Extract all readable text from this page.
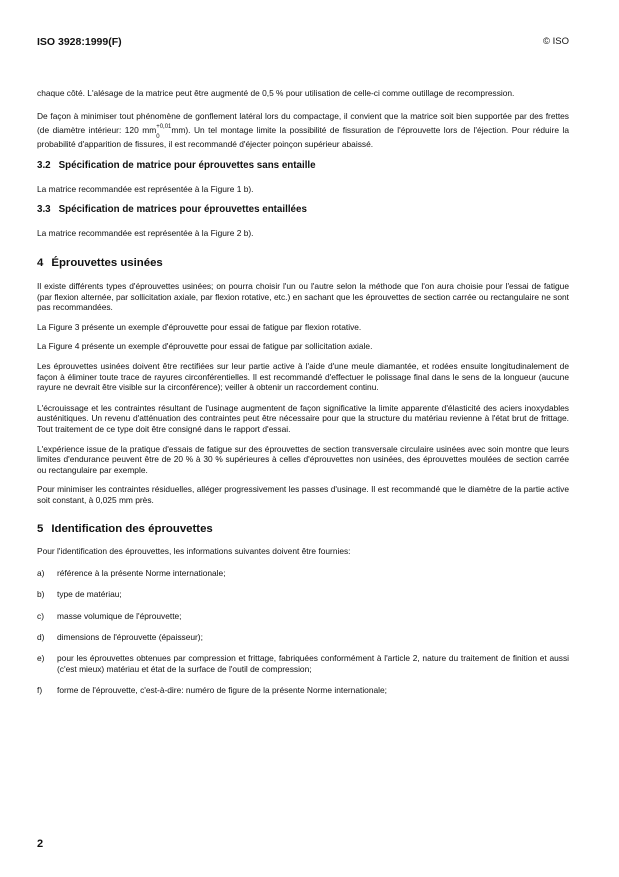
ISO 3928:1999(F)	© ISO

chaque côté. L'alésage de la matrice peut être augmenté de 0,5 % pour utilisation de celle-ci comme outillage de recompression.

De façon à minimiser tout phénomène de gonflement latéral lors du compactage, il convient que la matrice soit bien supportée par des frettes (de diamètre intérieur: 120 mm +0,01
0
mm). Un tel montage limite la possibilité de fissuration de l'éprouvette lors de l'éjection. Pour réduire la probabilité d'apparition de fissures, il est recommandé d'éjecter poinçon supérieur abaissé.

3.2 Spécification de matrice pour éprouvettes sans entaille

La matrice recommandée est représentée à la Figure 1 b).

3.3 Spécification de matrices pour éprouvettes entaillées

La matrice recommandée est représentée à la Figure 2 b).

4 Éprouvettes usinées

Il existe différents types d'éprouvettes usinées; on pourra choisir l'un ou l'autre selon la méthode que l'on aura choisie pour l'essai de fatigue (par flexion alternée, par sollicitation axiale, par flexion rotative, etc.) en sachant que les éprouvettes de section carrée ou rectangulaire ne sont pas recommandées.

La Figure 3 présente un exemple d'éprouvette pour essai de fatigue par flexion rotative.

La Figure 4 présente un exemple d'éprouvette pour essai de fatigue par sollicitation axiale.

Les éprouvettes usinées doivent être rectifiées sur leur partie active à l'aide d'une meule diamantée, et rodées ensuite longitudinalement de façon à éliminer toute trace de rayures circonférentielles. Il est recommandé d'effectuer le polissage final dans le sens de la longueur (aucune rayure ne devrait être visible sur la circonférence); veiller à obtenir un raccordement continu.

L'écrouissage et les contraintes résultant de l'usinage augmentent de façon significative la limite apparente d'élasticité des aciers inoxydables austénitiques. Un revenu d'atténuation des contraintes peut être nécessaire pour que la structure du matériau revienne à l'état brut de frittage. Tout traitement de ce type doit être consigné dans le rapport d'essai.

L'expérience issue de la pratique d'essais de fatigue sur des éprouvettes de section transversale circulaire usinées avec soin montre que leurs limites d'endurance peuvent être de 20 % à 30 % supérieures à celles d'éprouvettes non usinées, des éprouvettes moulées de section carrée ou rectangulaire par exemple.

Pour minimiser les contraintes résiduelles, alléger progressivement les passes d'usinage. Il est recommandé que le diamètre de la partie active soit constant, à 0,025 mm près.

5 Identification des éprouvettes

Pour l'identification des éprouvettes, les informations suivantes doivent être fournies:

a) référence à la présente Norme internationale;
b) type de matériau;
c) masse volumique de l'éprouvette;
d) dimensions de l'éprouvette (épaisseur);
e) pour les éprouvettes obtenues par compression et frittage, fabriquées conformément à l'article 2, nature du traitement de finition et aussi (c'est mieux) matériau et état de la surface de l'outil de compression;
f) forme de l'éprouvette, c'est-à-dire: numéro de figure de la présente Norme internationale;
2
